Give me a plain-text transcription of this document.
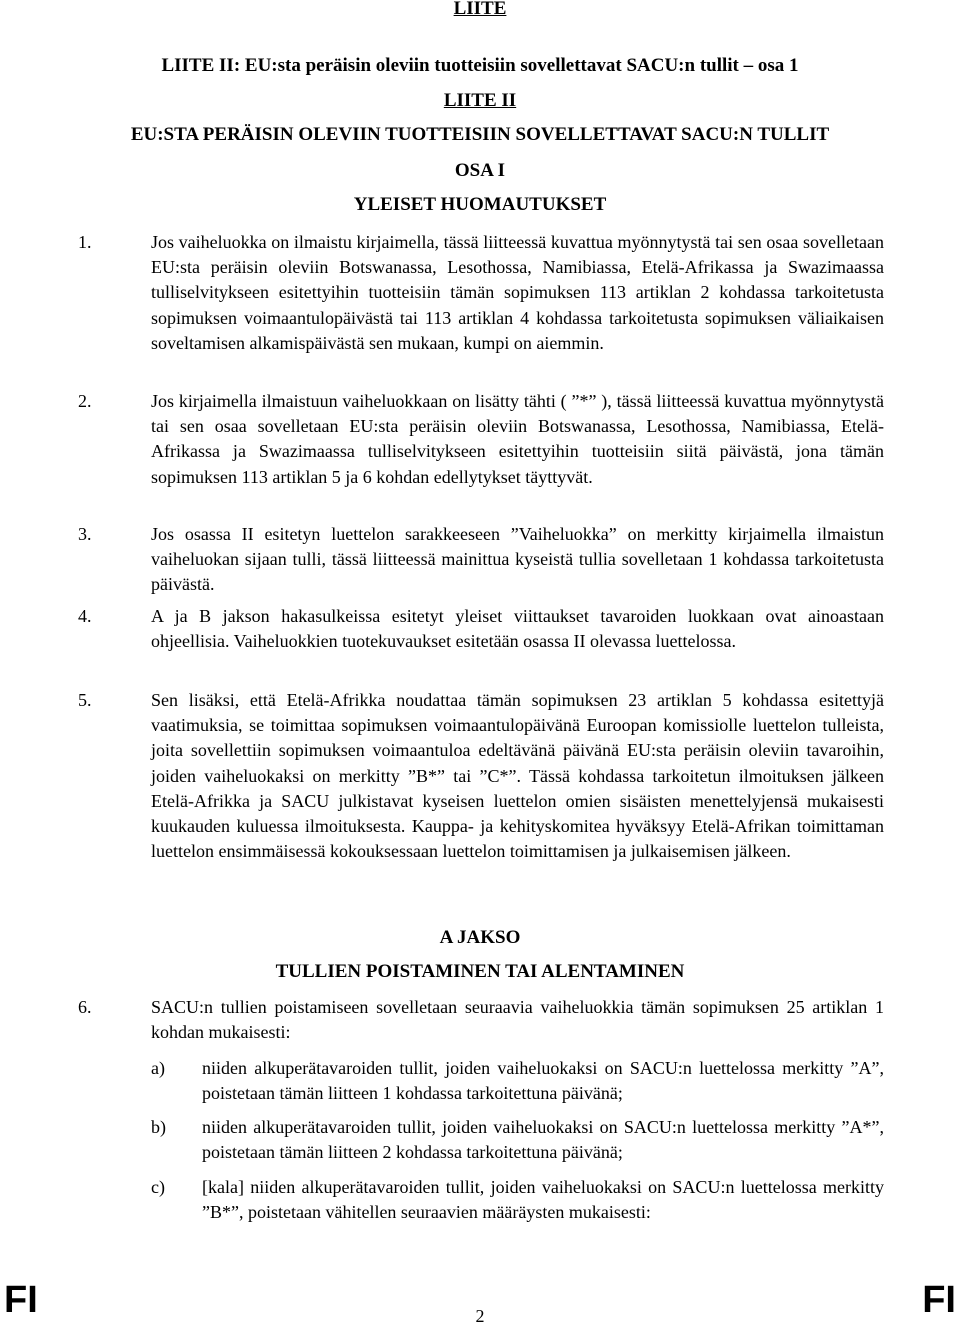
LIITE
LIITE II: EU:sta peräisin oleviin tuotteisiin sovellettavat SACU:n tullit – osa 1
LIITE II
EU:STA PERÄISIN OLEVIIN TUOTTEISIIN SOVELLETTAVAT SACU:N TULLIT
OSA I
YLEISET HUOMAUTUKSET
1.	Jos vaiheluokka on ilmaistu kirjaimella, tässä liitteessä kuvattua myönnytystä tai sen osaa sovelletaan EU:sta peräisin oleviin Botswanassa, Lesothossa, Namibiassa, Etelä-Afrikassa ja Swazimaassa tulliselvitykseen esitettyihin tuotteisiin tämän sopimuksen 113 artiklan 2 kohdassa tarkoitetusta sopimuksen voimaantulopäivästä tai 113 artiklan 4 kohdassa tarkoitetusta sopimuksen väliaikaisen soveltamisen alkamispäivästä sen mukaan, kumpi on aiemmin.
2.	Jos kirjaimella ilmaistuun vaiheluokkaan on lisätty tähti ( ”*” ), tässä liitteessä kuvattua myönnytystä tai sen osaa sovelletaan EU:sta peräisin oleviin Botswanassa, Lesothossa, Namibiassa, Etelä-Afrikassa ja Swazimaassa tulliselvitykseen esitettyihin tuotteisiin siitä päivästä, jona tämän sopimuksen 113 artiklan 5 ja 6 kohdan edellytykset täyttyvät.
3.	Jos osassa II esitetyn luettelon sarakkeeseen ”Vaiheluokka” on merkitty kirjaimella ilmaistun vaiheluokan sijaan tulli, tässä liitteessä mainittua kyseistä tullia sovelletaan 1 kohdassa tarkoitetusta päivästä.
4.	A ja B jakson hakasulkeissa esitetyt yleiset viittaukset tavaroiden luokkaan ovat ainoastaan ohjeellisia. Vaiheluokkien tuotekuvaukset esitetään osassa II olevassa luettelossa.
5.	Sen lisäksi, että Etelä-Afrikka noudattaa tämän sopimuksen 23 artiklan 5 kohdassa esitettyjä vaatimuksia, se toimittaa sopimuksen voimaantulopäivänä Euroopan komissiolle luettelon tulleista, joita sovellettiin sopimuksen voimaantuloa edeltävänä päivänä EU:sta peräisin oleviin tavaroihin, joiden vaiheluokaksi on merkitty ”B*” tai ”C*”. Tässä kohdassa tarkoitetun ilmoituksen jälkeen Etelä-Afrikka ja SACU julkistavat kyseisen luettelon omien sisäisten menettelyjensä mukaisesti kuukauden kuluessa ilmoituksesta. Kauppa- ja kehityskomitea hyväksyy Etelä-Afrikan toimittaman luettelon ensimmäisessä kokouksessaan luettelon toimittamisen ja julkaisemisen jälkeen.
A JAKSO
TULLIEN POISTAMINEN TAI ALENTAMINEN
6.	SACU:n tullien poistamiseen sovelletaan seuraavia vaiheluokkia tämän sopimuksen 25 artiklan 1 kohdan mukaisesti:
a) niiden alkuperätavaroiden tullit, joiden vaiheluokaksi on SACU:n luettelossa merkitty ”A”, poistetaan tämän liitteen 1 kohdassa tarkoitettuna päivänä;
b) niiden alkuperätavaroiden tullit, joiden vaiheluokaksi on SACU:n luettelossa merkitty ”A*”, poistetaan tämän liitteen 2 kohdassa tarkoitettuna päivänä;
c) [kala] niiden alkuperätavaroiden tullit, joiden vaiheluokaksi on SACU:n luettelossa merkitty ”B*”, poistetaan vähitellen seuraavien määräysten mukaisesti:
FI	2	FI
